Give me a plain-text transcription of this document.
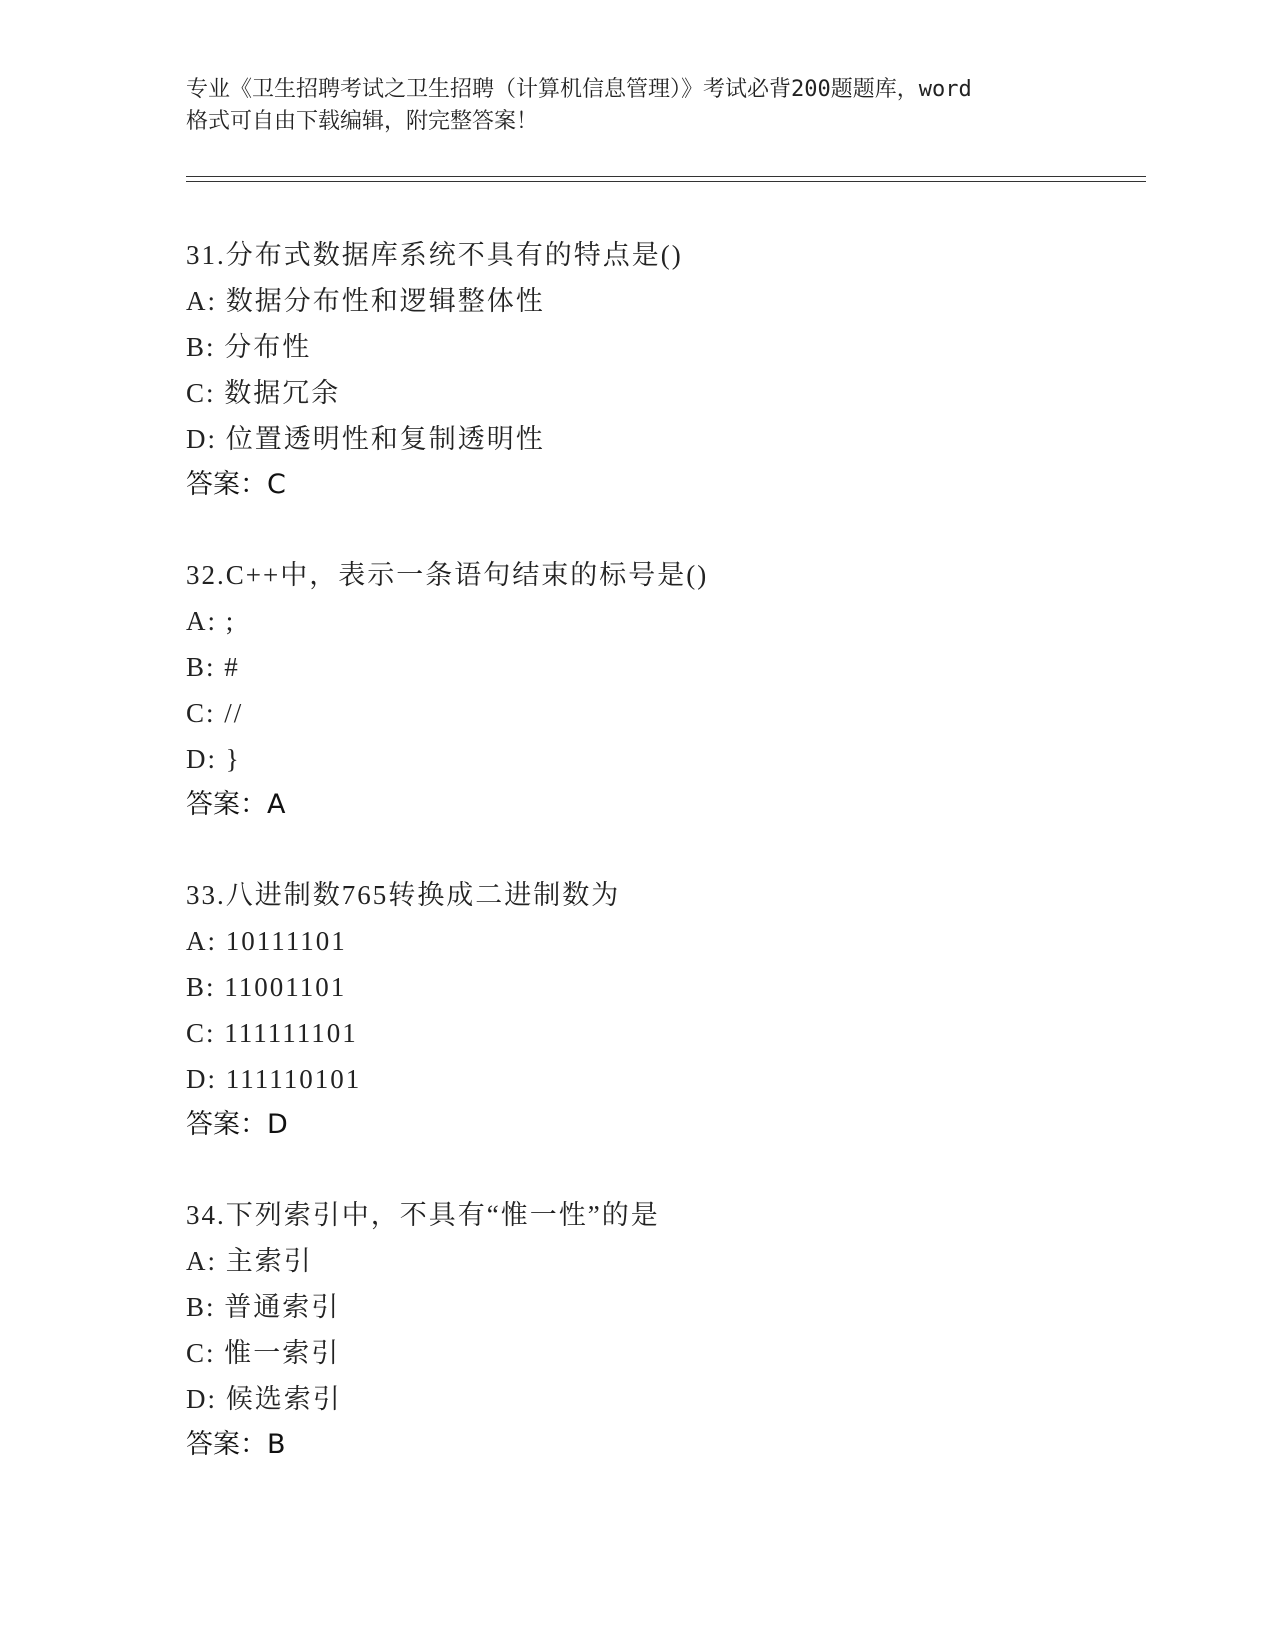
专业《卫生招聘考试之卫生招聘（计算机信息管理）》考试必背200题题库，word
格式可自由下载编辑，附完整答案！
31.分布式数据库系统不具有的特点是()
A: 数据分布性和逻辑整体性
B: 分布性
C: 数据冗余
D: 位置透明性和复制透明性
答案：C
32.C++中，表示一条语句结束的标号是()
A: ;
B: #
C: //
D: }
答案：A
33.八进制数765转换成二进制数为
A: 10111101
B: 11001101
C: 111111101
D: 111110101
答案：D
34.下列索引中，不具有“惟一性”的是
A: 主索引
B: 普通索引
C: 惟一索引
D: 候选索引
答案：B
